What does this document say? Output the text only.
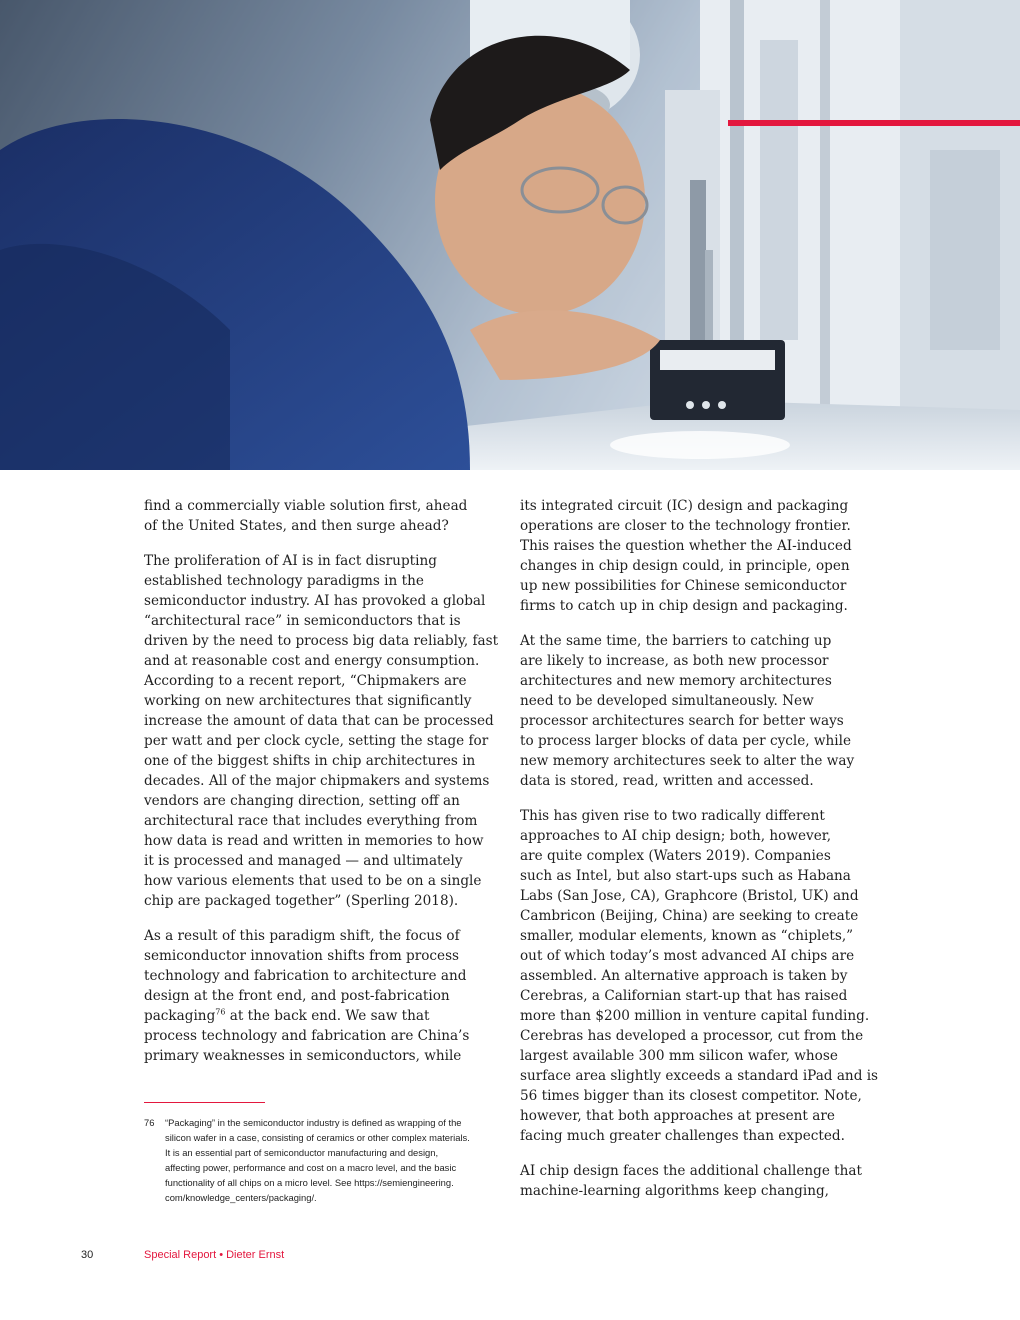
find a commercially viable solution first, ahead
of the United States, and then surge ahead?

The proliferation of AI is in fact disrupting
established technology paradigms in the
semiconductor industry. AI has provoked a global
“architectural race” in semiconductors that is
driven by the need to process big data reliably, fast
and at reasonable cost and energy consumption.
According to a recent report, “Chipmakers are
working on new architectures that significantly
increase the amount of data that can be processed
per watt and per clock cycle, setting the stage for
one of the biggest shifts in chip architectures in
decades. All of the major chipmakers and systems
vendors are changing direction, setting off an
architectural race that includes everything from
how data is read and written in memories to how
it is processed and managed — and ultimately
how various elements that used to be on a single
chip are packaged together” (Sperling 2018).

As a result of this paradigm shift, the focus of
semiconductor innovation shifts from process
technology and fabrication to architecture and
design at the front end, and post-fabrication
packaging$^{76}$ at the back end. We saw that
process technology and fabrication are China’s
primary weaknesses in semiconductors, while

its integrated circuit (IC) design and packaging
operations are closer to the technology frontier.
This raises the question whether the AI-induced
changes in chip design could, in principle, open
up new possibilities for Chinese semiconductor
firms to catch up in chip design and packaging.

At the same time, the barriers to catching up
are likely to increase, as both new processor
architectures and new memory architectures
need to be developed simultaneously. New
processor architectures search for better ways
to process larger blocks of data per cycle, while
new memory architectures seek to alter the way
data is stored, read, written and accessed.

This has given rise to two radically different
approaches to AI chip design; both, however,
are quite complex (Waters 2019). Companies
such as Intel, but also start-ups such as Habana
Labs (San Jose, CA), Graphcore (Bristol, UK) and
Cambricon (Beijing, China) are seeking to create
smaller, modular elements, known as “chiplets,”
out of which today’s most advanced AI chips are
assembled. An alternative approach is taken by
Cerebras, a Californian start-up that has raised
more than $200 million in venture capital funding.
Cerebras has developed a processor, cut from the
largest available 300 mm silicon wafer, whose
surface area slightly exceeds a standard iPad and is
56 times bigger than its closest competitor. Note,
however, that both approaches at present are
facing much greater challenges than expected.

AI chip design faces the additional challenge that
machine-learning algorithms keep changing,

76 “Packaging” in the semiconductor industry is defined as wrapping of the
silicon wafer in a case, consisting of ceramics or other complex materials.
It is an essential part of semiconductor manufacturing and design,
affecting power, performance and cost on a macro level, and the basic
functionality of all chips on a micro level. See https://semiengineering.
com/knowledge_centers/packaging/.
30	Special Report • Dieter Ernst
